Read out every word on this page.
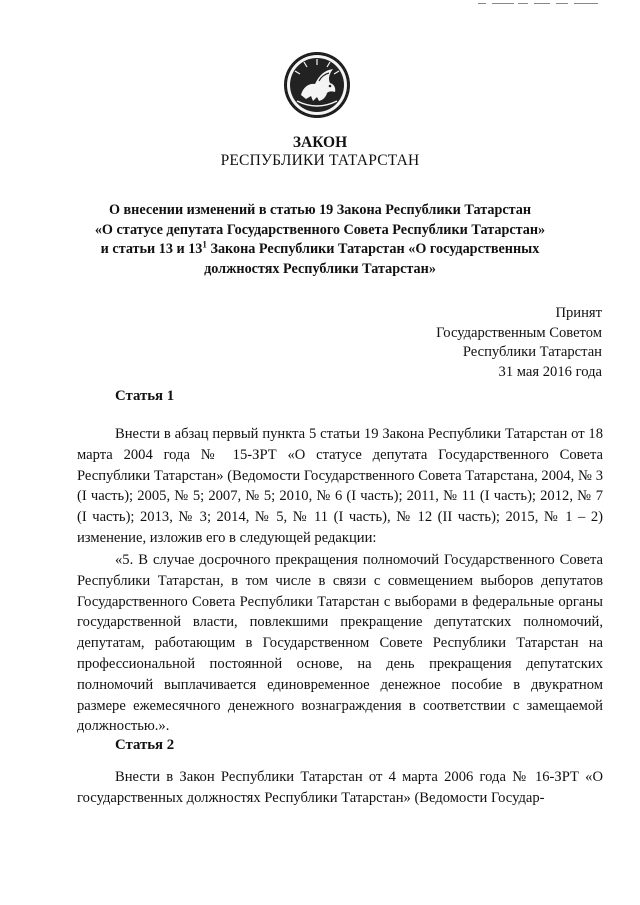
ЗАКОН
РЕСПУБЛИКИ ТАТАРСТАН
О внесении изменений в статью 19 Закона Республики Татарстан
«О статусе депутата Государственного Совета Республики Татарстан»
и статьи 13 и $13^1$ Закона Республики Татарстан «О государственных
должностях Республики Татарстан»
Принят
Государственным Советом
Республики Татарстан
31 мая 2016 года
Статья 1

Внести в абзац первый пункта 5 статьи 19 Закона Республики Татарстан от 18 марта 2004 года № 15-ЗРТ «О статусе депутата Государственного Совета Республики Татарстан» (Ведомости Государственного Совета Татарстана, 2004, № 3 (I часть); 2005, № 5; 2007, № 5; 2010, № 6 (I часть); 2011, № 11 (I часть); 2012, № 7 (I часть); 2013, № 3; 2014, № 5, № 11 (I часть), № 12 (II часть); 2015, № 1 – 2) изменение, изложив его в следующей редакции:

«5. В случае досрочного прекращения полномочий Государственного Совета Республики Татарстан, в том числе в связи с совмещением выборов депутатов Государственного Совета Республики Татарстан с выборами в федеральные органы государственной власти, повлекшими прекращение депутатских полномочий, депутатам, работающим в Государственном Совете Республики Татарстан на профессиональной постоянной основе, на день прекращения депутатских полномочий выплачивается единовременное денежное пособие в двукратном размере ежемесячного денежного вознаграждения в соответствии с замещаемой должностью.».

Статья 2

Внести в Закон Республики Татарстан от 4 марта 2006 года № 16-ЗРТ «О государственных должностях Республики Татарстан» (Ведомости Государ-
